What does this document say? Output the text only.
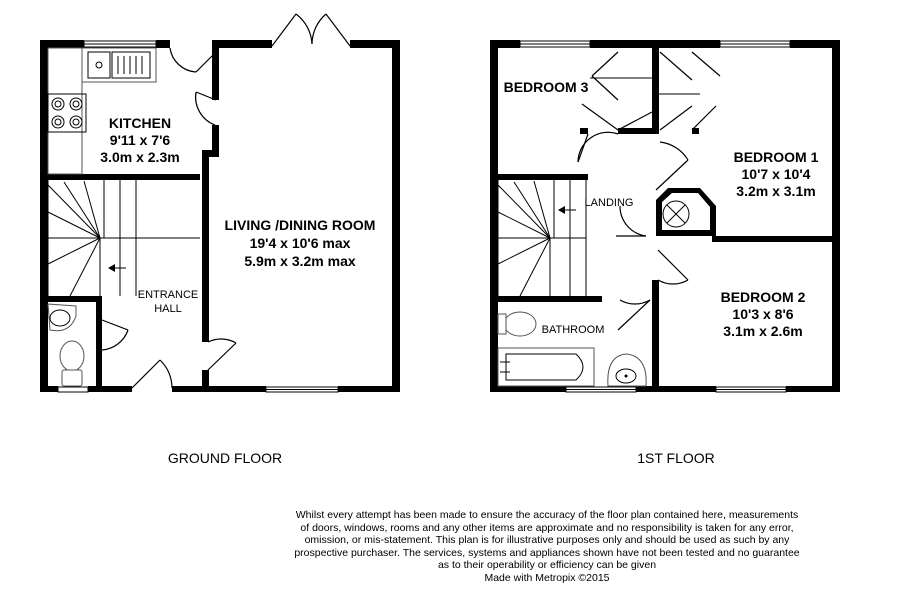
KITCHEN
9'11 x 7'6
3.0m x 2.3m
LIVING /DINING ROOM
19'4 x 10'6 max
5.9m x 3.2m max
ENTRANCE
HALL
GROUND FLOOR
BEDROOM 3
BEDROOM 1
10'7 x 10'4
3.2m x 3.1m
BEDROOM 2
10'3 x 8'6
3.1m x 2.6m
LANDING
BATHROOM
1ST FLOOR
Whilst every attempt has been made to ensure the accuracy of the floor plan contained here, measurements
of doors, windows, rooms and any other items are approximate and no responsibility is taken for any error,
omission, or mis-statement. This plan is for illustrative purposes only and should be used as such by any
prospective purchaser. The services, systems and appliances shown have not been tested and no guarantee
as to their operability or efficiency can be given
Made with Metropix ©2015
